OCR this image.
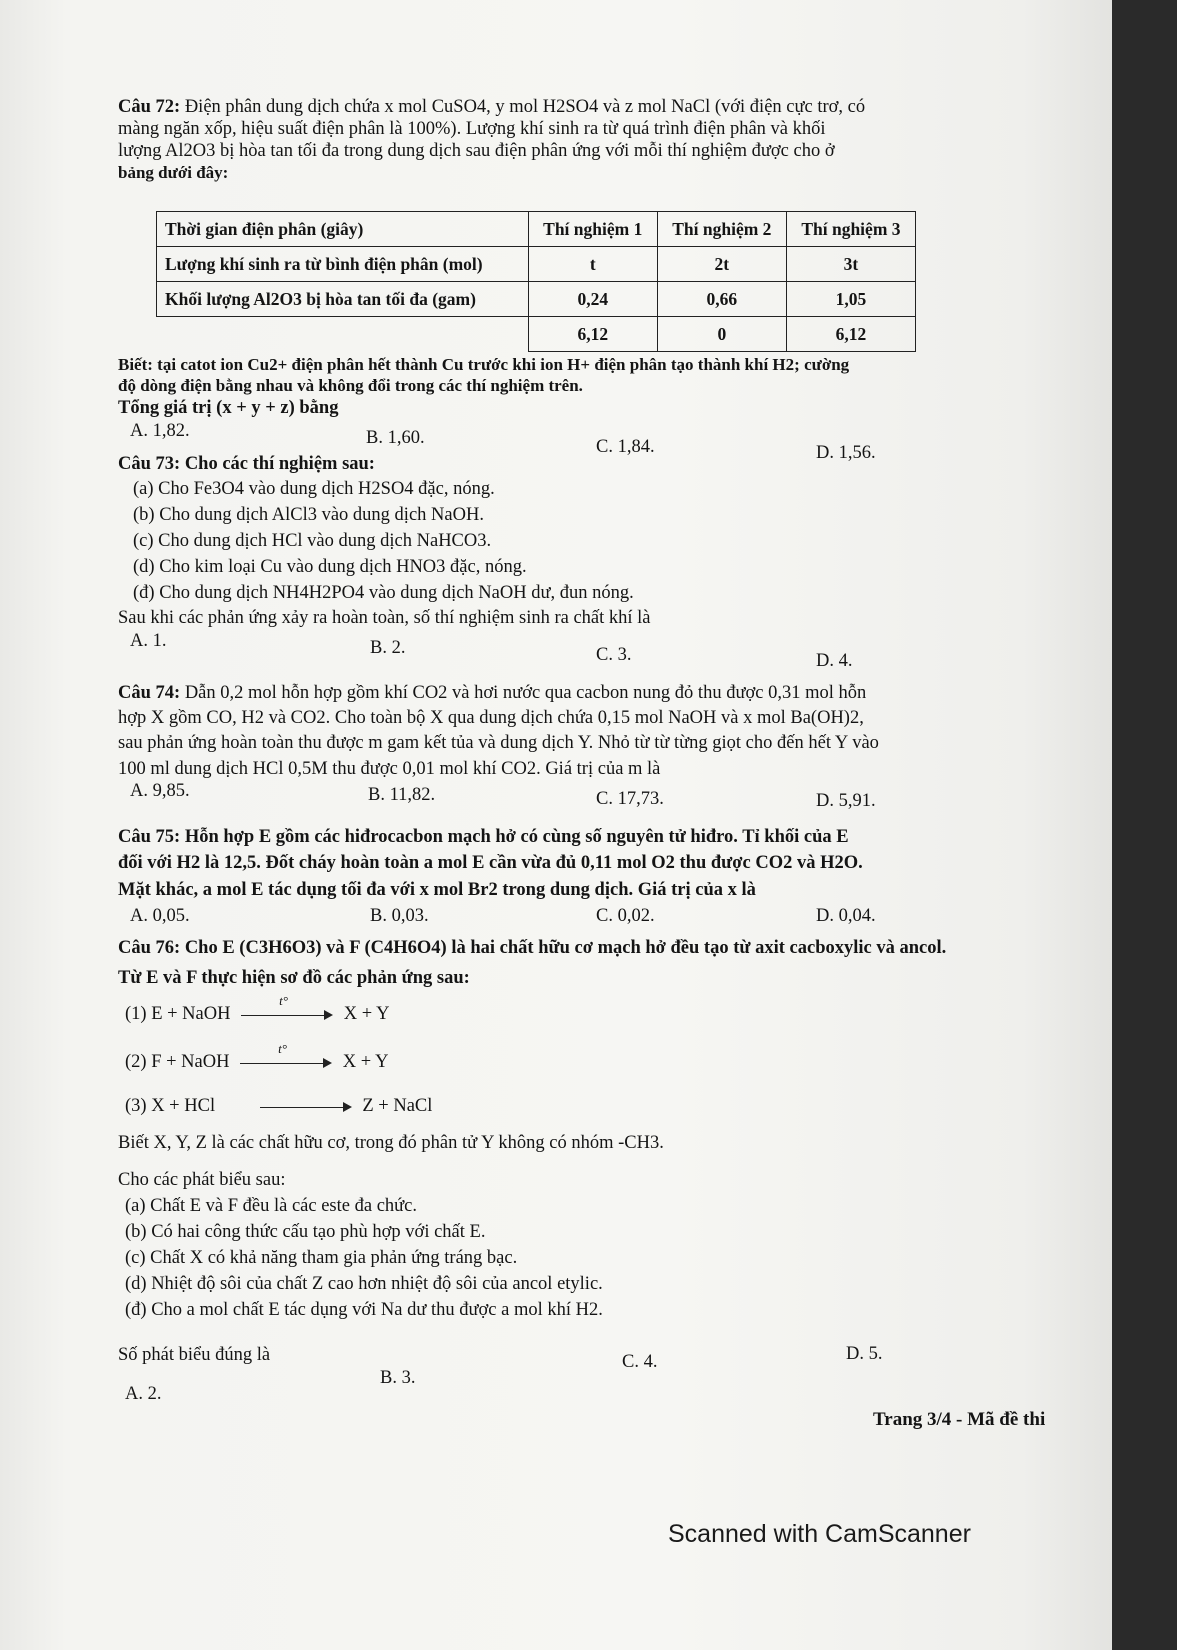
Câu 72: Điện phân dung dịch chứa x mol CuSO4, y mol H2SO4 và z mol NaCl (với điện cực trơ, có
màng ngăn xốp, hiệu suất điện phân là 100%). Lượng khí sinh ra từ quá trình điện phân và khối
lượng Al2O3 bị hòa tan tối đa trong dung dịch sau điện phân ứng với mỗi thí nghiệm được cho ở
bảng dưới đây:
Thời gian điện phân (giây)	Thí nghiệm 1	Thí nghiệm 2	Thí nghiệm 3
Lượng khí sinh ra từ bình điện phân (mol)	t	2t	3t
Khối lượng Al2O3 bị hòa tan tối đa (gam)	0,24	0,66	1,05
	6,12	0	6,12
Biết: tại catot ion Cu2+ điện phân hết thành Cu trước khi ion H+ điện phân tạo thành khí H2; cường
độ dòng điện bằng nhau và không đổi trong các thí nghiệm trên.
Tổng giá trị (x + y + z) bằng
A. 1,82.	B. 1,60.	C. 1,84.	D. 1,56.
Câu 73: Cho các thí nghiệm sau:
(a) Cho Fe3O4 vào dung dịch H2SO4 đặc, nóng.
(b) Cho dung dịch AlCl3 vào dung dịch NaOH.
(c) Cho dung dịch HCl vào dung dịch NaHCO3.
(d) Cho kim loại Cu vào dung dịch HNO3 đặc, nóng.
(đ) Cho dung dịch NH4H2PO4 vào dung dịch NaOH dư, đun nóng.
Sau khi các phản ứng xảy ra hoàn toàn, số thí nghiệm sinh ra chất khí là
A. 1.	B. 2.	C. 3.	D. 4.
Câu 74: Dẫn 0,2 mol hỗn hợp gồm khí CO2 và hơi nước qua cacbon nung đỏ thu được 0,31 mol hỗn
hợp X gồm CO, H2 và CO2. Cho toàn bộ X qua dung dịch chứa 0,15 mol NaOH và x mol Ba(OH)2,
sau phản ứng hoàn toàn thu được m gam kết tủa và dung dịch Y. Nhỏ từ từ từng giọt cho đến hết Y vào
100 ml dung dịch HCl 0,5M thu được 0,01 mol khí CO2. Giá trị của m là
A. 9,85.	B. 11,82.	C. 17,73.	D. 5,91.
Câu 75: Hỗn hợp E gồm các hiđrocacbon mạch hở có cùng số nguyên tử hiđro. Tỉ khối của E
đối với H2 là 12,5. Đốt cháy hoàn toàn a mol E cần vừa đủ 0,11 mol O2 thu được CO2 và H2O.
Mặt khác, a mol E tác dụng tối đa với x mol Br2 trong dung dịch. Giá trị của x là
A. 0,05.	B. 0,03.	C. 0,02.	D. 0,04.
Câu 76: Cho E (C3H6O3) và F (C4H6O4) là hai chất hữu cơ mạch hở đều tạo từ axit cacboxylic và ancol.
Từ E và F thực hiện sơ đồ các phản ứng sau:
(1) E + NaOH
t°
X + Y
(2) F + NaOH
t°
X + Y
(3) X + HCl	Z + NaCl
Biết X, Y, Z là các chất hữu cơ, trong đó phân tử Y không có nhóm -CH3.
Cho các phát biểu sau:
(a) Chất E và F đều là các este đa chức.
(b) Có hai công thức cấu tạo phù hợp với chất E.
(c) Chất X có khả năng tham gia phản ứng tráng bạc.
(d) Nhiệt độ sôi của chất Z cao hơn nhiệt độ sôi của ancol etylic.
(đ) Cho a mol chất E tác dụng với Na dư thu được a mol khí H2.
Số phát biểu đúng là
A. 2.
B. 3.
C. 4.	D. 5.
Trang 3/4 - Mã đề thi
Scanned with CamScanner
